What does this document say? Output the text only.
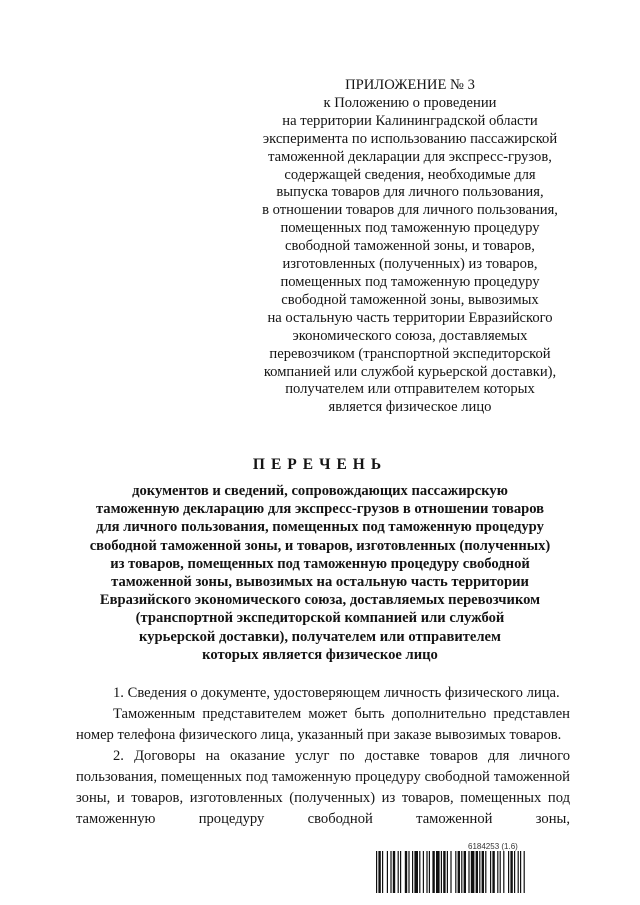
ПРИЛОЖЕНИЕ № 3
к Положению о проведении
на территории Калининградской области
эксперимента по использованию пассажирской
таможенной декларации для экспресс-грузов,
содержащей сведения, необходимые для
выпуска товаров для личного пользования,
в отношении товаров для личного пользования,
помещенных под таможенную процедуру
свободной таможенной зоны, и товаров,
изготовленных (полученных) из товаров,
помещенных под таможенную процедуру
свободной таможенной зоны, вывозимых
на остальную часть территории Евразийского
экономического союза, доставляемых
перевозчиком (транспортной экспедиторской
компанией или службой курьерской доставки),
получателем или отправителем которых
является физическое лицо
ПЕРЕЧЕНЬ
документов и сведений, сопровождающих пассажирскую
таможенную декларацию для экспресс-грузов в отношении товаров
для личного пользования, помещенных под таможенную процедуру
свободной таможенной зоны, и товаров, изготовленных (полученных)
из товаров, помещенных под таможенную процедуру свободной
таможенной зоны, вывозимых на остальную часть территории
Евразийского экономического союза, доставляемых перевозчиком
(транспортной экспедиторской компанией или службой
курьерской доставки), получателем или отправителем
которых является физическое лицо

1. Сведения о документе, удостоверяющем личность физического лица.

Таможенным представителем может быть дополнительно представлен номер телефона физического лица, указанный при заказе вывозимых товаров.

2. Договоры на оказание услуг по доставке товаров для личного пользования, помещенных под таможенную процедуру свободной таможенной зоны, и товаров, изготовленных (полученных) из товаров, помещенных под таможенную процедуру свободной таможенной зоны,

6184253 (1.6)
